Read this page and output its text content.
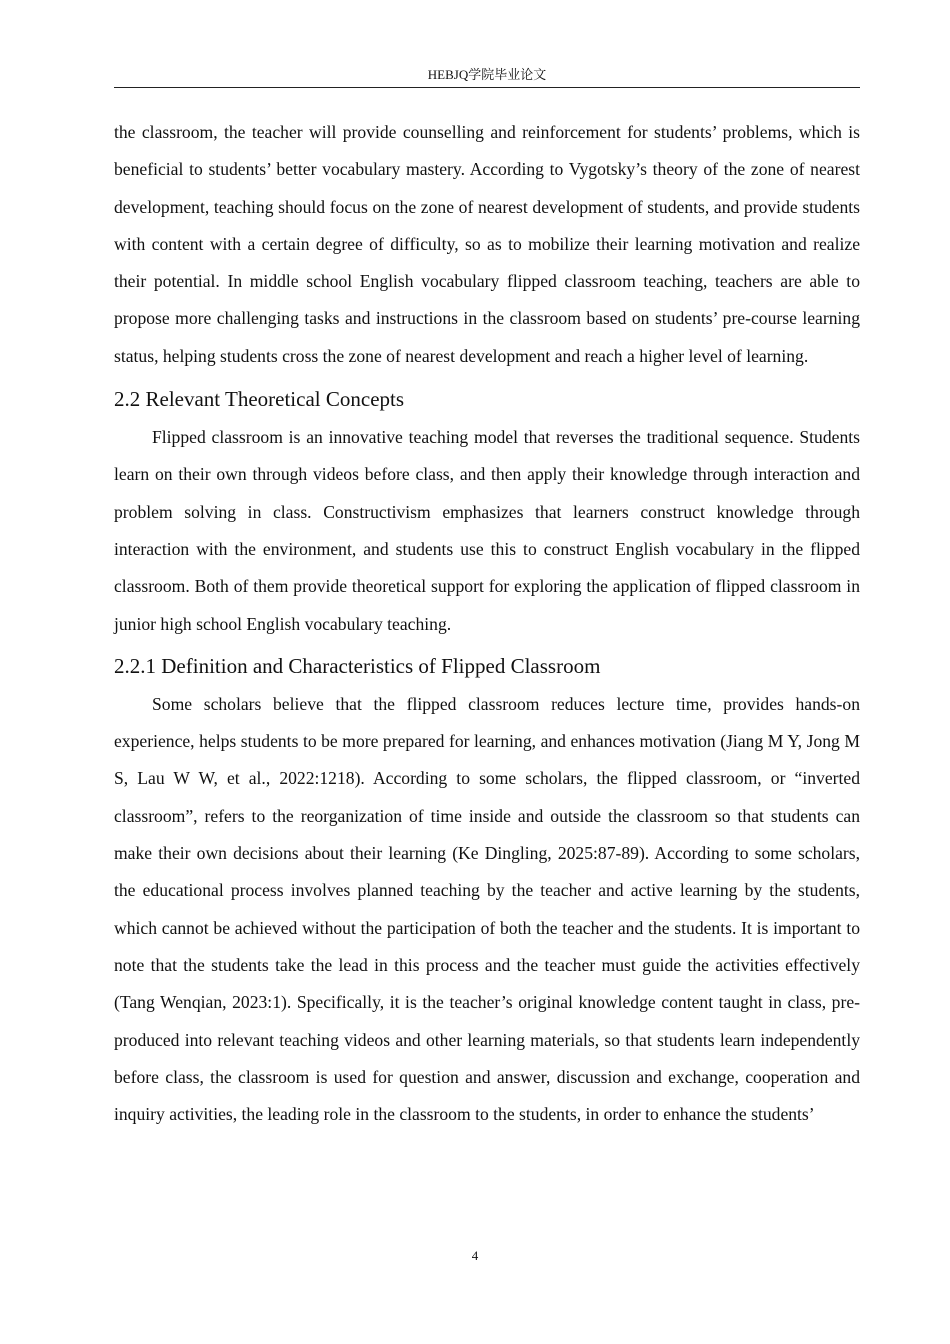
HEBJQ学院毕业论文

the classroom, the teacher will provide counselling and reinforcement for students’ problems, which is beneficial to students’ better vocabulary mastery. According to Vygotsky’s theory of the zone of nearest development, teaching should focus on the zone of nearest development of students, and provide students with content with a certain degree of difficulty, so as to mobilize their learning motivation and realize their potential. In middle school English vocabulary flipped classroom teaching, teachers are able to propose more challenging tasks and instructions in the classroom based on students’ pre-course learning status, helping students cross the zone of nearest development and reach a higher level of learning.

2.2 Relevant Theoretical Concepts

Flipped classroom is an innovative teaching model that reverses the traditional sequence. Students learn on their own through videos before class, and then apply their knowledge through interaction and problem solving in class. Constructivism emphasizes that learners construct knowledge through interaction with the environment, and students use this to construct English vocabulary in the flipped classroom. Both of them provide theoretical support for exploring the application of flipped classroom in junior high school English vocabulary teaching.

2.2.1 Definition and Characteristics of Flipped Classroom

Some scholars believe that the flipped classroom reduces lecture time, provides hands-on experience, helps students to be more prepared for learning, and enhances motivation (Jiang M Y, Jong M S, Lau W W, et al., 2022:1218). According to some scholars, the flipped classroom, or “inverted classroom”, refers to the reorganization of time inside and outside the classroom so that students can make their own decisions about their learning (Ke Dingling, 2025:87-89). According to some scholars, the educational process involves planned teaching by the teacher and active learning by the students, which cannot be achieved without the participation of both the teacher and the students. It is important to note that the students take the lead in this process and the teacher must guide the activities effectively (Tang Wenqian, 2023:1). Specifically, it is the teacher’s original knowledge content taught in class, pre-produced into relevant teaching videos and other learning materials, so that students learn independently before class, the classroom is used for question and answer, discussion and exchange, cooperation and inquiry activities, the leading role in the classroom to the students, in order to enhance the students’

4
